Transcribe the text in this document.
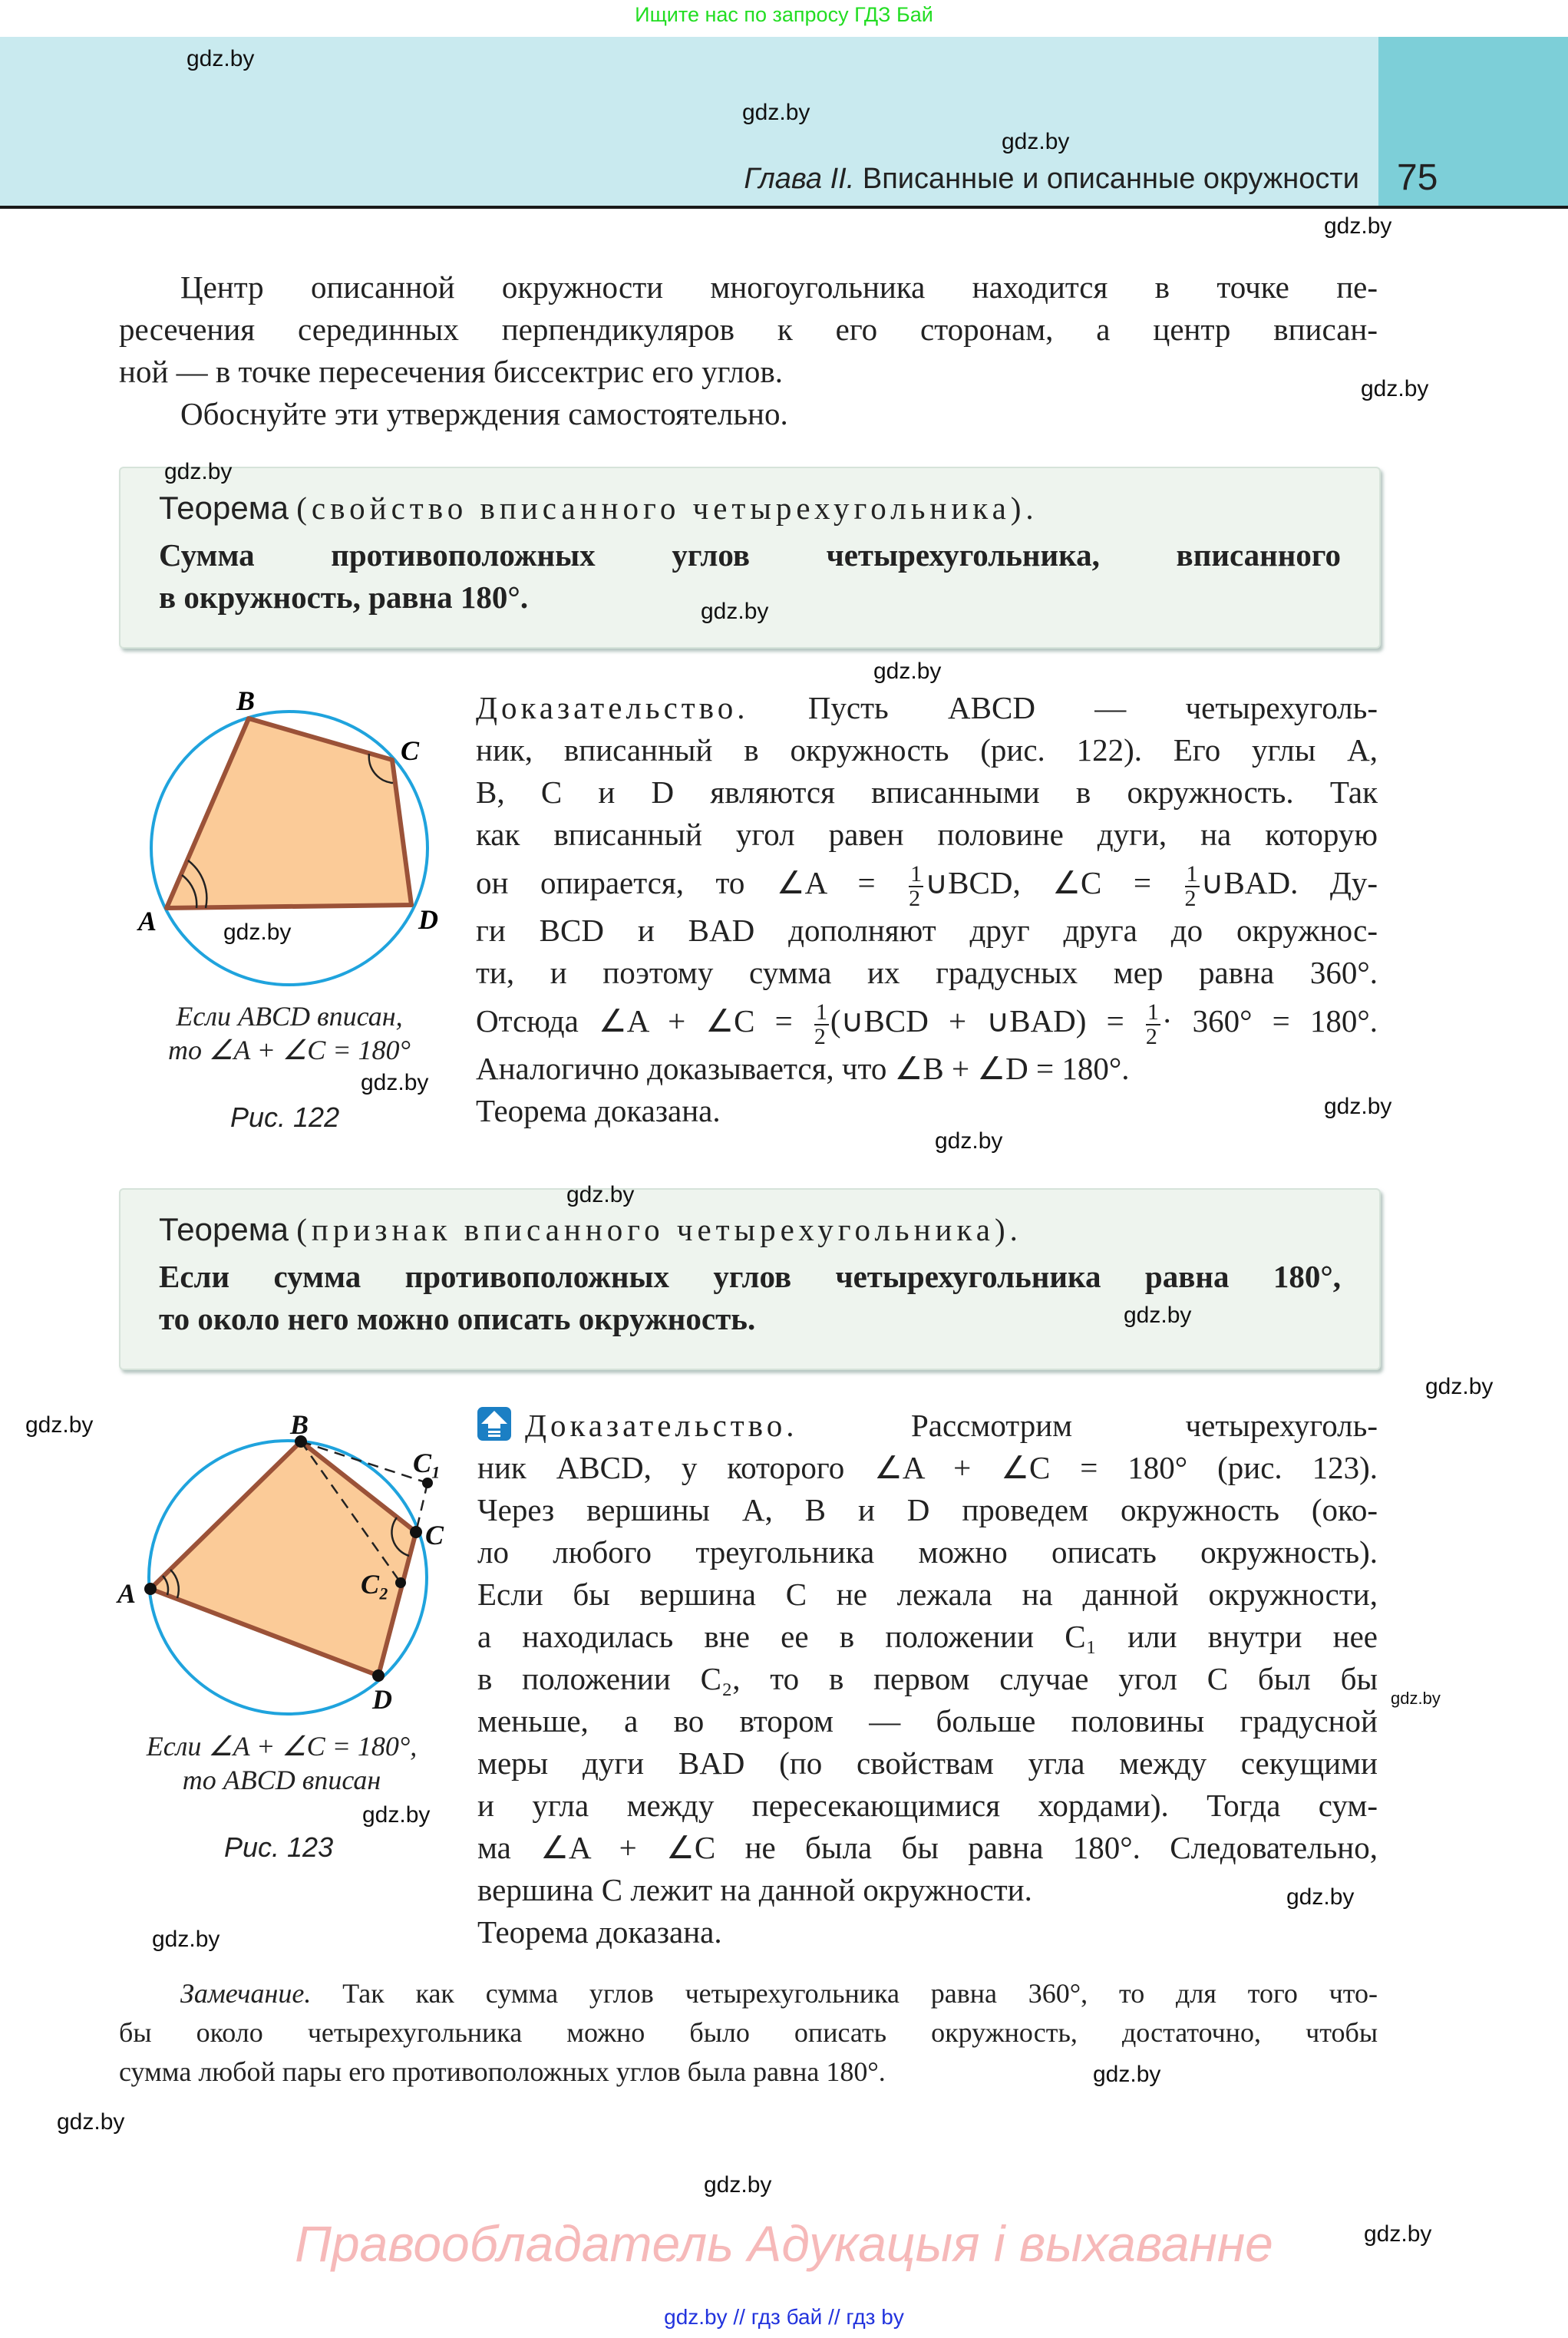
Ищите нас по запросу ГДЗ Бай
Глава II. Вписанные и описанные окружности 75
Центр описанной окружности многоугольника находится в точке пе-
ресечения серединных перпендикуляров к его сторонам, а центр вписан-
ной — в точке пересечения биссектрис его углов.
Обоснуйте эти утверждения самостоятельно.
Теорема (свойство вписанного четырехугольника).
Сумма противоположных углов четырехугольника, вписанного
в окружность, равна 180°.
B
C
A	D
Если ABCD вписан,
то ∠A + ∠C = 180°
Рис. 122
Доказательство. Пусть ABCD — четырехуголь-
ник, вписанный в окружность (рис. 122). Его углы A,
B, C и D являются вписанными в окружность. Так
как вписанный угол равен половине дуги, на которую
он опирается, то ∠A = $\frac{1}{2}$ ∪BCD, ∠C = $\frac{1}{2}$ ∪BAD. Ду-
ги BCD и BAD дополняют друг друга до окружнос-
ти, и поэтому сумма их градусных мер равна 360°.
Отсюда ∠A + ∠C = $\frac{1}{2}$ (∪BCD + ∪BAD) = $\frac{1}{2} \cdot 360^\circ = 180^\circ$.
Аналогично доказывается, что ∠B + ∠D = 180°.
Теорема доказана.
Теорема (признак вписанного четырехугольника).
Если сумма противоположных углов четырехугольника равна 180°,
то около него можно описать окружность.
B
C₁
C
C₂
A
D
Если ∠A + ∠C = 180°,
то ABCD вписан
Рис. 123
Доказательство. Рассмотрим четырехуголь-
ник ABCD, у которого ∠A + ∠C = 180° (рис. 123).
Через вершины A, B и D проведем окружность (око-
ло любого треугольника можно описать окружность).
Если бы вершина C не лежала на данной окружности,
а находилась вне ее в положении C₁ или внутри нее
в положении C₂, то в первом случае угол C был бы
меньше, а во втором — больше половины градусной
меры дуги BAD (по свойствам угла между секущими
и угла между пересекающимися хордами). Тогда сум-
ма ∠A + ∠C не была бы равна 180°. Следовательно,
вершина C лежит на данной окружности.
Теорема доказана.
Замечание. Так как сумма углов четырехугольника равна 360°, то для того что-
бы около четырехугольника можно было описать окружность, достаточно, чтобы
сумма любой пары его противоположных углов была равна 180°.
Правообладатель Адукацыя і выхаванне
gdz.by // гдз бай // гдз by
gdz.by
gdz.by
gdz.by
gdz.by
gdz.by
gdz.by
gdz.by
gdz.by
gdz.by
gdz.by
gdz.by
gdz.by
gdz.by
gdz.by
gdz.by
gdz.by
gdz.by
gdz.by
gdz.by
gdz.by
gdz.by
gdz.by
gdz.by
gdz.by
